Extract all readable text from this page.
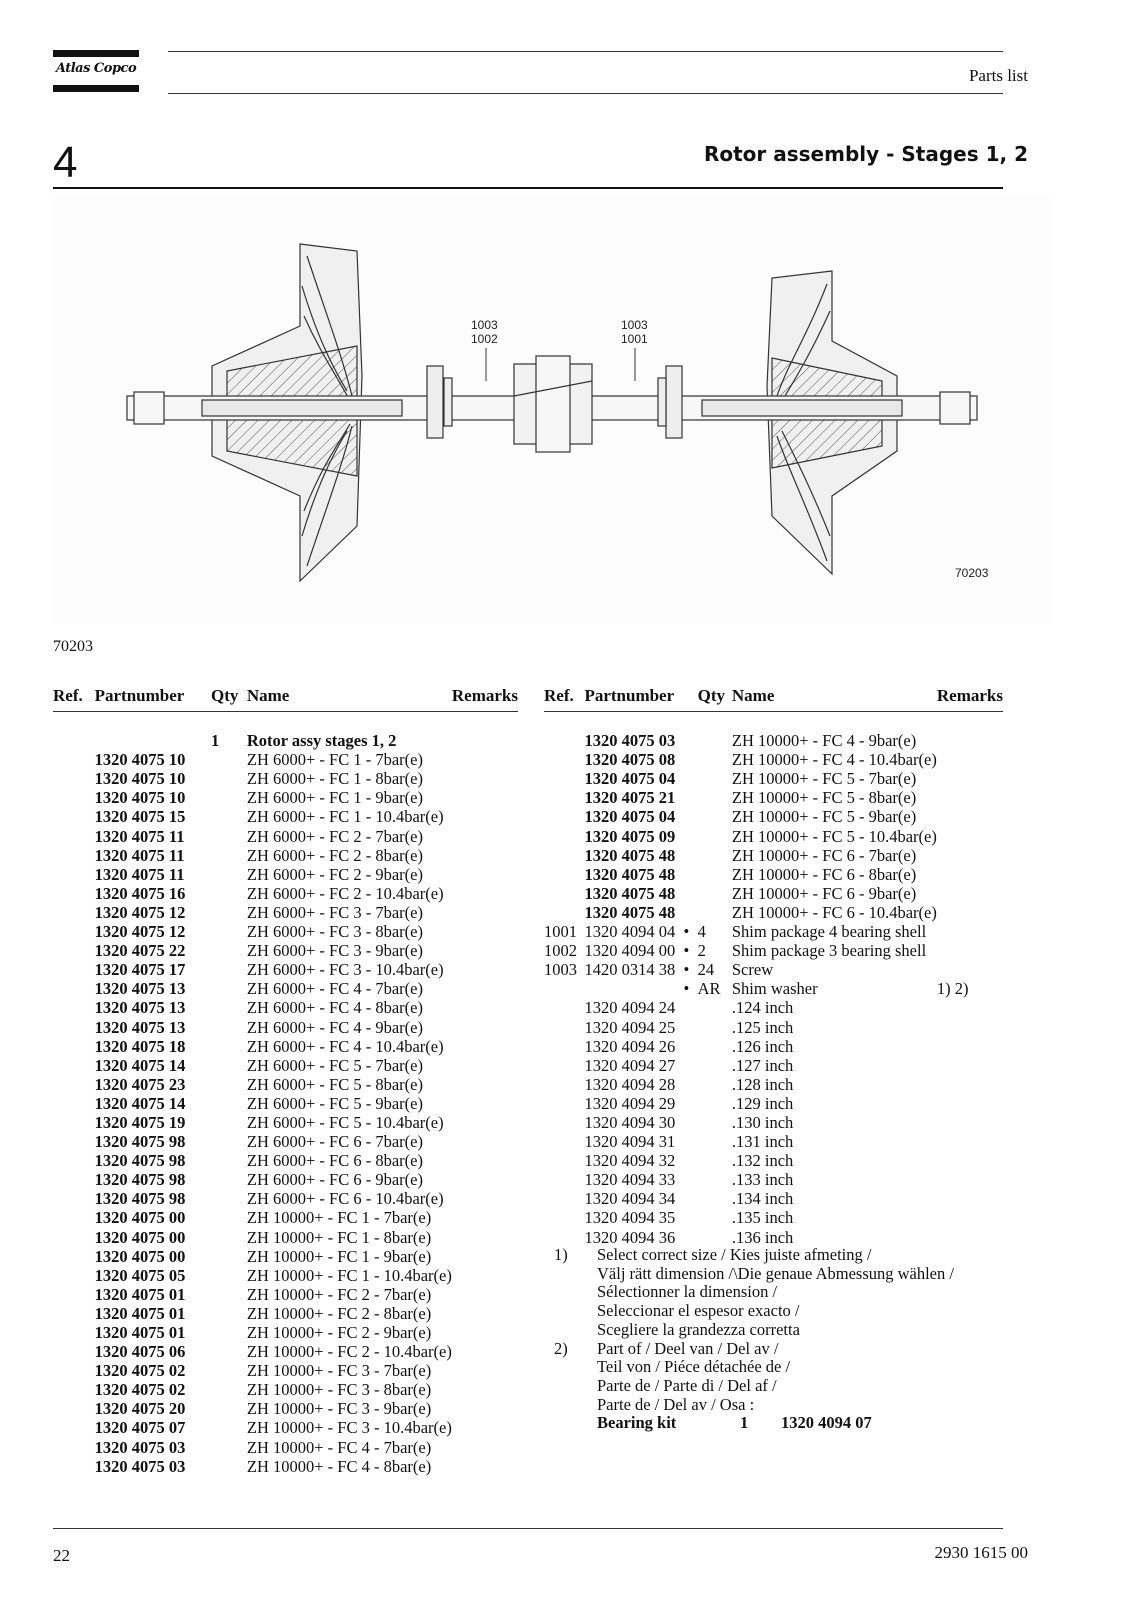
Atlas Copco	Parts list
4	Rotor assembly - Stages 1, 2
1003
1002
1003
1001
70203
70203
Ref.	Partnumber		Qty	Name	Remarks

			1	Rotor assy stages 1, 2	
	1320 4075 10			ZH 6000+ - FC 1 - 7bar(e)	
	1320 4075 10			ZH 6000+ - FC 1 - 8bar(e)	
	1320 4075 10			ZH 6000+ - FC 1 - 9bar(e)	
	1320 4075 15			ZH 6000+ - FC 1 - 10.4bar(e)	
	1320 4075 11			ZH 6000+ - FC 2 - 7bar(e)	
	1320 4075 11			ZH 6000+ - FC 2 - 8bar(e)	
	1320 4075 11			ZH 6000+ - FC 2 - 9bar(e)	
	1320 4075 16			ZH 6000+ - FC 2 - 10.4bar(e)	
	1320 4075 12			ZH 6000+ - FC 3 - 7bar(e)	
	1320 4075 12			ZH 6000+ - FC 3 - 8bar(e)	
	1320 4075 22			ZH 6000+ - FC 3 - 9bar(e)	
	1320 4075 17			ZH 6000+ - FC 3 - 10.4bar(e)	
	1320 4075 13			ZH 6000+ - FC 4 - 7bar(e)	
	1320 4075 13			ZH 6000+ - FC 4 - 8bar(e)	
	1320 4075 13			ZH 6000+ - FC 4 - 9bar(e)	
	1320 4075 18			ZH 6000+ - FC 4 - 10.4bar(e)	
	1320 4075 14			ZH 6000+ - FC 5 - 7bar(e)	
	1320 4075 23			ZH 6000+ - FC 5 - 8bar(e)	
	1320 4075 14			ZH 6000+ - FC 5 - 9bar(e)	
	1320 4075 19			ZH 6000+ - FC 5 - 10.4bar(e)	
	1320 4075 98			ZH 6000+ - FC 6 - 7bar(e)	
	1320 4075 98			ZH 6000+ - FC 6 - 8bar(e)	
	1320 4075 98			ZH 6000+ - FC 6 - 9bar(e)	
	1320 4075 98			ZH 6000+ - FC 6 - 10.4bar(e)	
	1320 4075 00			ZH 10000+ - FC 1 - 7bar(e)	
	1320 4075 00			ZH 10000+ - FC 1 - 8bar(e)	
	1320 4075 00			ZH 10000+ - FC 1 - 9bar(e)	
	1320 4075 05			ZH 10000+ - FC 1 - 10.4bar(e)	
	1320 4075 01			ZH 10000+ - FC 2 - 7bar(e)	
	1320 4075 01			ZH 10000+ - FC 2 - 8bar(e)	
	1320 4075 01			ZH 10000+ - FC 2 - 9bar(e)	
	1320 4075 06			ZH 10000+ - FC 2 - 10.4bar(e)	
	1320 4075 02			ZH 10000+ - FC 3 - 7bar(e)	
	1320 4075 02			ZH 10000+ - FC 3 - 8bar(e)	
	1320 4075 20			ZH 10000+ - FC 3 - 9bar(e)	
	1320 4075 07			ZH 10000+ - FC 3 - 10.4bar(e)	
	1320 4075 03			ZH 10000+ - FC 4 - 7bar(e)	
	1320 4075 03			ZH 10000+ - FC 4 - 8bar(e)	
Ref.	Partnumber		Qty	Name	Remarks

	1320 4075 03			ZH 10000+ - FC 4 - 9bar(e)	
	1320 4075 08			ZH 10000+ - FC 4 - 10.4bar(e)	
	1320 4075 04			ZH 10000+ - FC 5 - 7bar(e)	
	1320 4075 21			ZH 10000+ - FC 5 - 8bar(e)	
	1320 4075 04			ZH 10000+ - FC 5 - 9bar(e)	
	1320 4075 09			ZH 10000+ - FC 5 - 10.4bar(e)	
	1320 4075 48			ZH 10000+ - FC 6 - 7bar(e)	
	1320 4075 48			ZH 10000+ - FC 6 - 8bar(e)	
	1320 4075 48			ZH 10000+ - FC 6 - 9bar(e)	
	1320 4075 48			ZH 10000+ - FC 6 - 10.4bar(e)	
1001	1320 4094 04	•	4	Shim package 4 bearing shell	
1002	1320 4094 00	•	2	Shim package 3 bearing shell	
1003	1420 0314 38	•	24	Screw	
		•	AR	Shim washer	1) 2)
	1320 4094 24			.124 inch	
	1320 4094 25			.125 inch	
	1320 4094 26			.126 inch	
	1320 4094 27			.127 inch	
	1320 4094 28			.128 inch	
	1320 4094 29			.129 inch	
	1320 4094 30			.130 inch	
	1320 4094 31			.131 inch	
	1320 4094 32			.132 inch	
	1320 4094 33			.133 inch	
	1320 4094 34			.134 inch	
	1320 4094 35			.135 inch	
	1320 4094 36			.136 inch	
1)	Select correct size / Kies juiste afmeting /
Välj rätt dimension /\Die genaue Abmessung wählen /
Sélectionner la dimension /
Seleccionar el espesor exacto /
Scegliere la grandezza corretta
2)	Part of / Deel van / Del av /
Teil von / Piéce détachée de /
Parte de / Parte di / Del af /
Parte de / Del av / Osa :
Bearing kit	1	1320 4094 07
22	2930 1615 00
